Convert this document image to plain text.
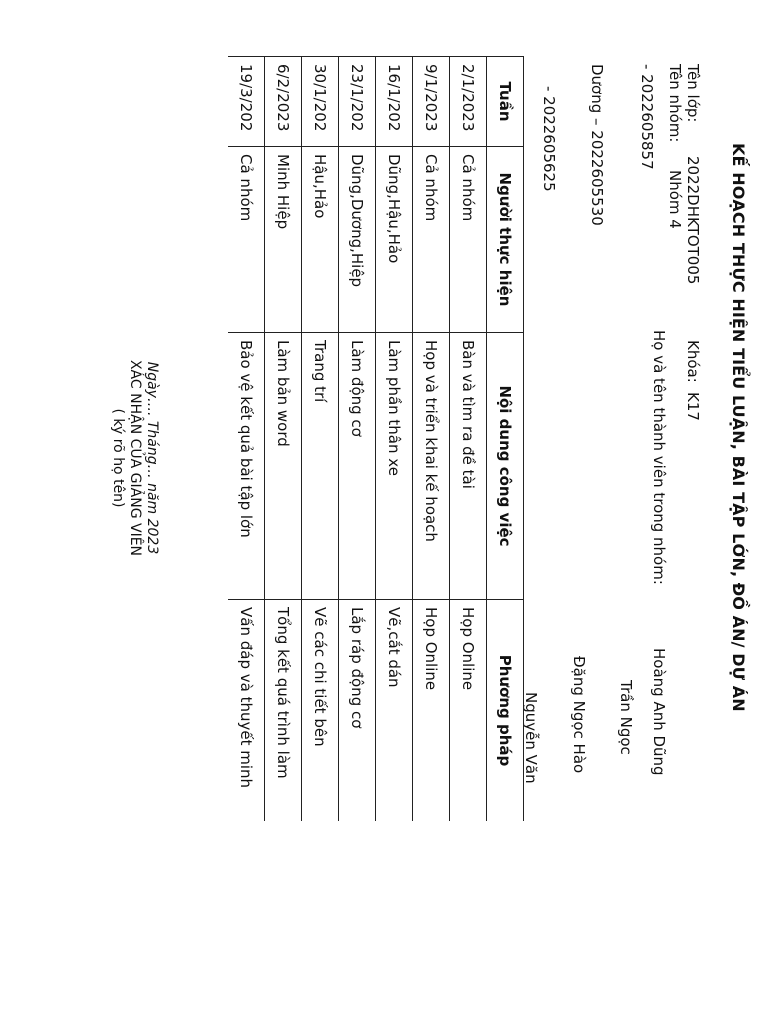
KẾ HOẠCH THỰC HIỆN TIỂU LUẬN, BÀI TẬP LỚN, ĐỒ ÁN/ DỰ ÁN
Tên lớp:
2022DHKTOT005
Khóa:
K17
Tên nhóm:
Nhóm 4
Họ và tên thành viên trong nhóm:
Hoàng Anh Dũng
- 2022605857
Trần Ngọc
Dương – 2022605530
Đặng Ngọc Hào
- 2022605625
Nguyễn Văn
Tuần	Người thực hiện	Nội dung công việc	Phương pháp
2/1/2023	Cả nhóm	Bàn và tìm ra đề tài	Họp Online
9/1/2023	Cả nhóm	Họp và triển khai kế hoạch	Họp Online
16/1/202	Dũng,Hậu,Hảo	Làm phần thân xe	Vẽ,cắt dán
23/1/202	Dũng,Dương,Hiệp	Làm động cơ	Lắp ráp động cơ
30/1/202	Hậu,Hảo	Trang trí	Vẽ các chi tiết bên
6/2/2023	Minh Hiệp	Làm bản word	Tổng kết quá trình làm
19/3/202	Cả nhóm	Bảo vệ kết quả bài tập lớn	Vấn đáp và thuyết minh
Ngày…. Tháng… năm 2023
XÁC NHẬN CỦA GIẢNG VIÊN
( ký rõ họ tên)
